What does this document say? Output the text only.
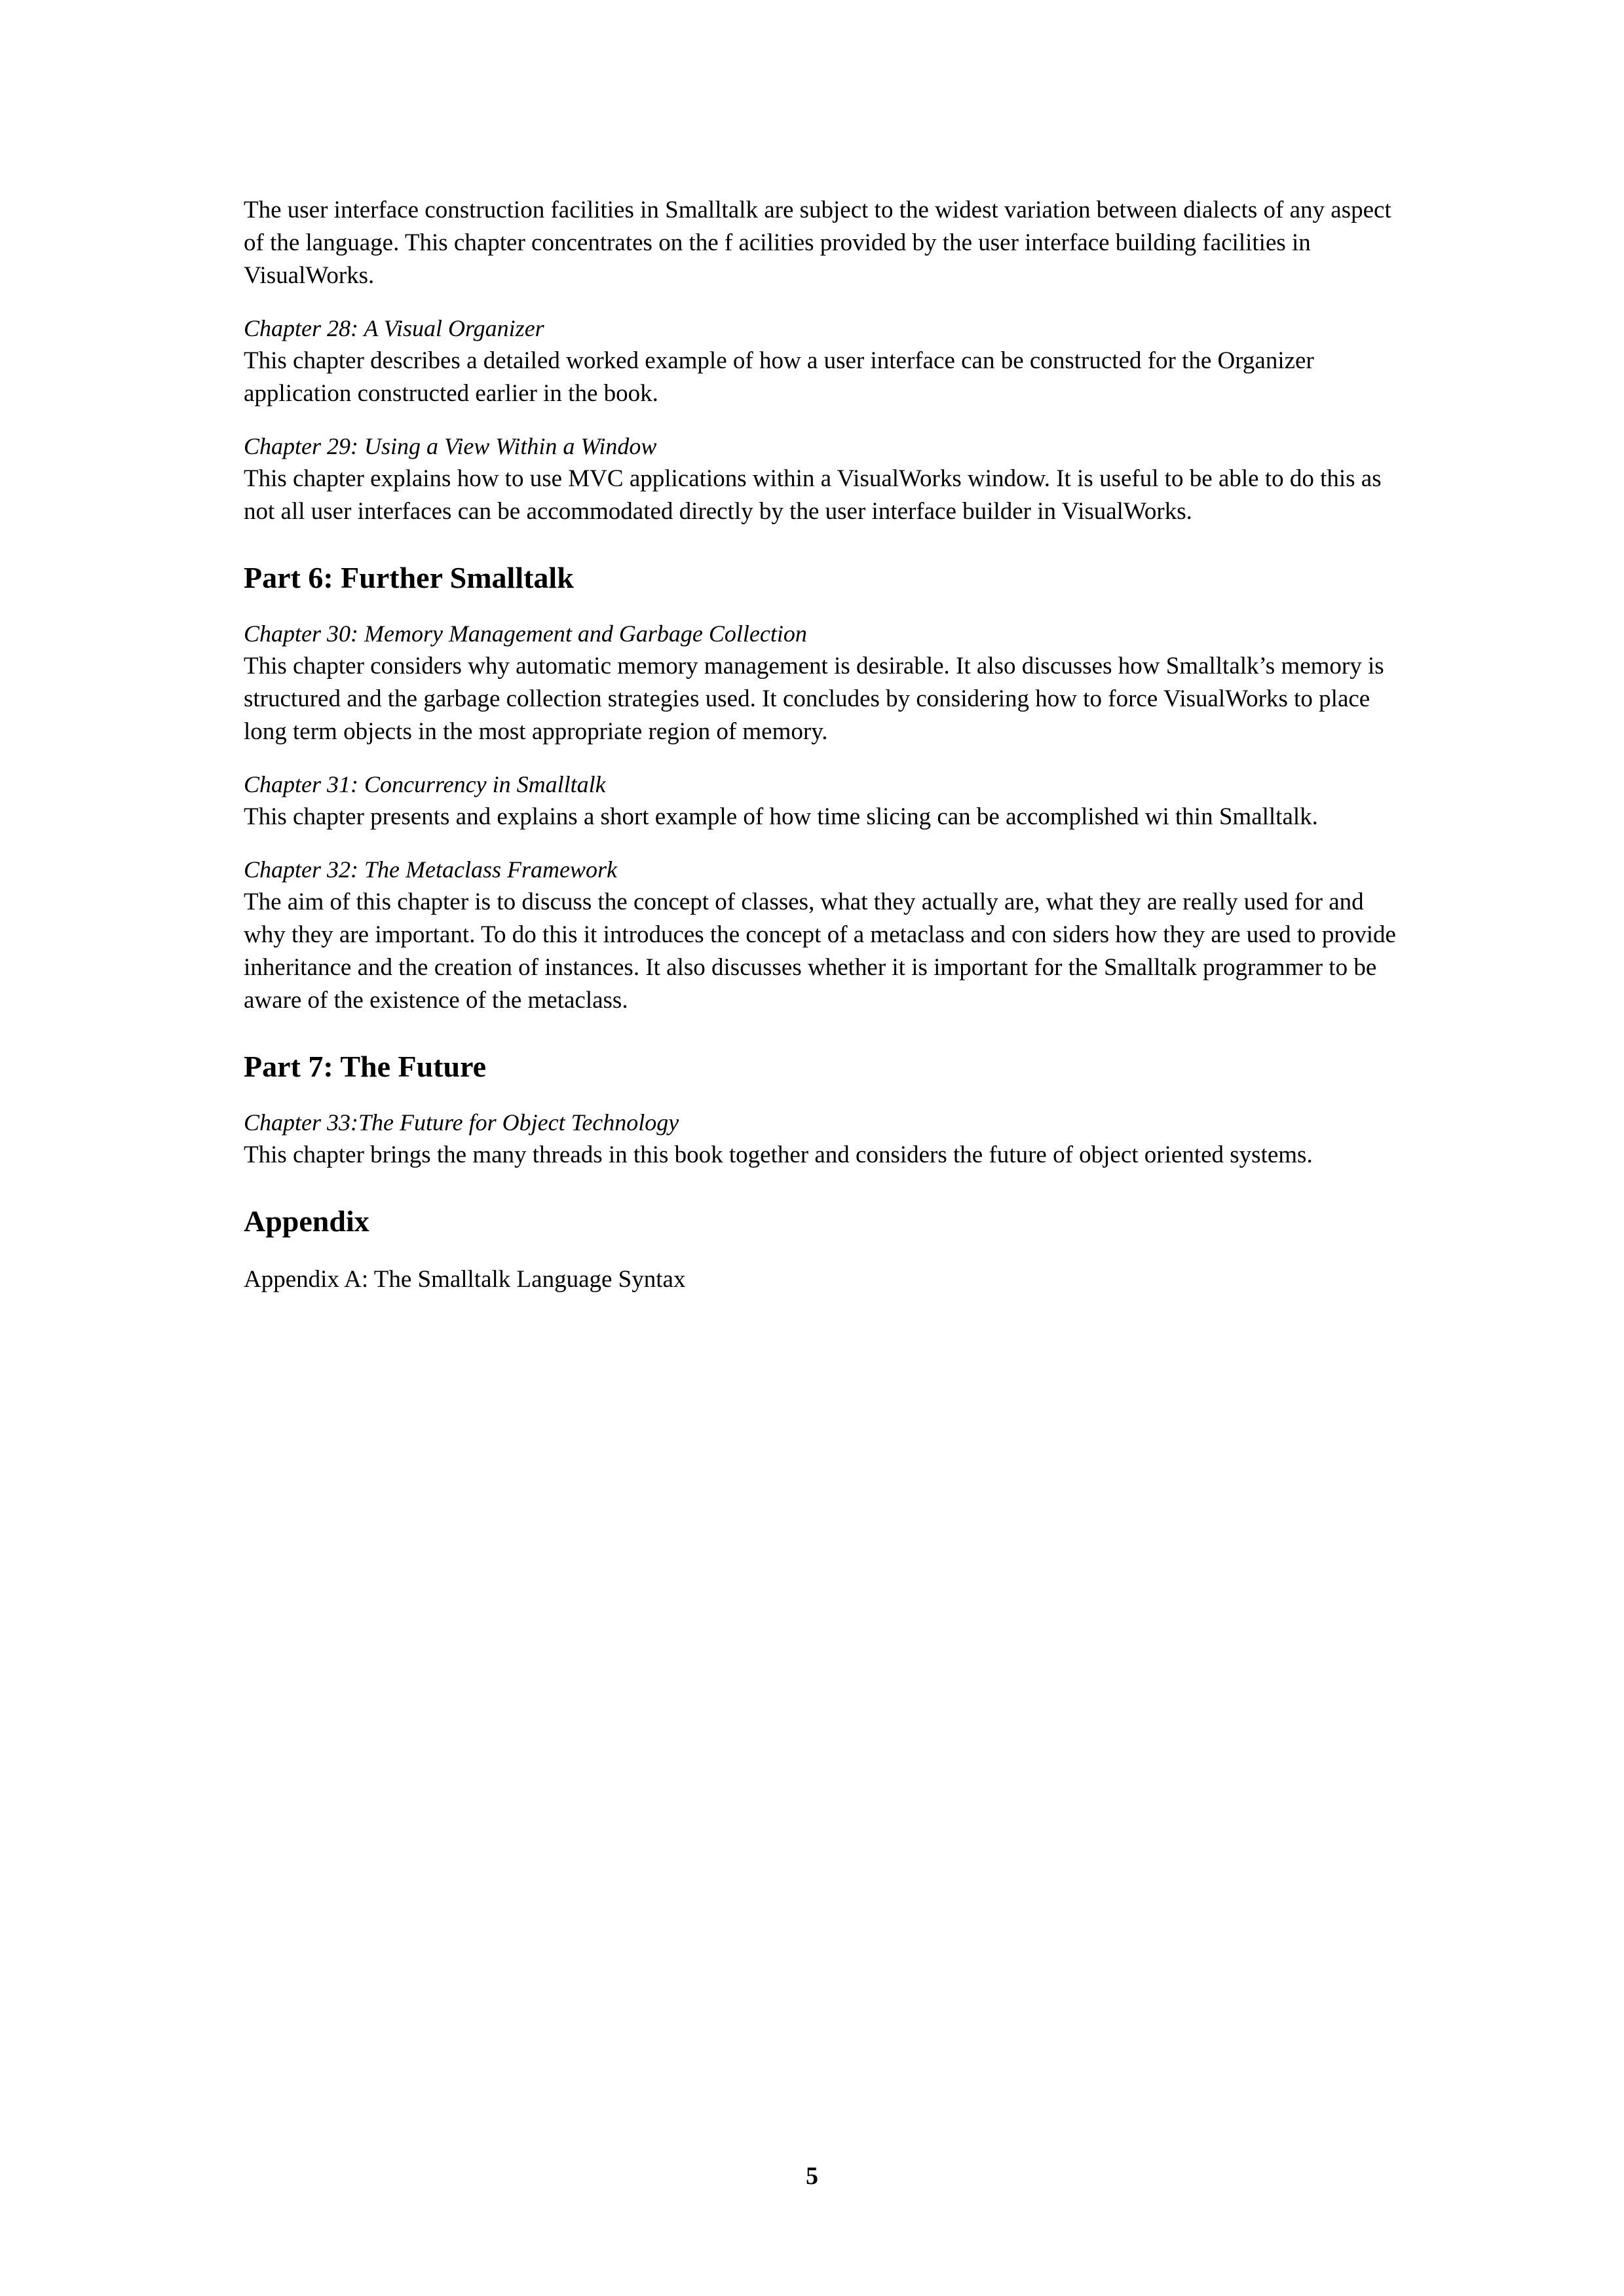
The user interface construction facilities in Smalltalk are subject to the widest variation between dialects of any aspect of the language. This chapter concentrates on the f acilities provided by the user interface building facilities in VisualWorks.

Chapter 28: A Visual Organizer

This chapter describes a detailed worked example of how a user interface can be constructed for the Organizer application constructed earlier in the book.

Chapter 29: Using a View Within a Window

This chapter explains how to use MVC applications within a VisualWorks window. It is useful to be able to do this as not all user interfaces can be accommodated directly by the user interface builder in VisualWorks.

Part 6: Further Smalltalk

Chapter 30: Memory Management and Garbage Collection

This chapter considers why automatic memory management is desirable. It also discusses how Smalltalk’s memory is structured and the garbage collection strategies used. It concludes by considering how to force VisualWorks to place long term objects in the most appropriate region of memory.

Chapter 31: Concurrency in Smalltalk

This chapter presents and explains a short example of how time slicing can be accomplished wi thin Smalltalk.

Chapter 32: The Metaclass Framework

The aim of this chapter is to discuss the concept of classes, what they actually are, what they are really used for and why they are important. To do this it introduces the concept of a metaclass and con siders how they are used to provide inheritance and the creation of instances. It also discusses whether it is important for the Smalltalk programmer to be aware of the existence of the metaclass.

Part 7: The Future

Chapter 33:The Future for Object Technology

This chapter brings the many threads in this book together and considers the future of object oriented systems.

Appendix

Appendix A: The Smalltalk Language Syntax

5
